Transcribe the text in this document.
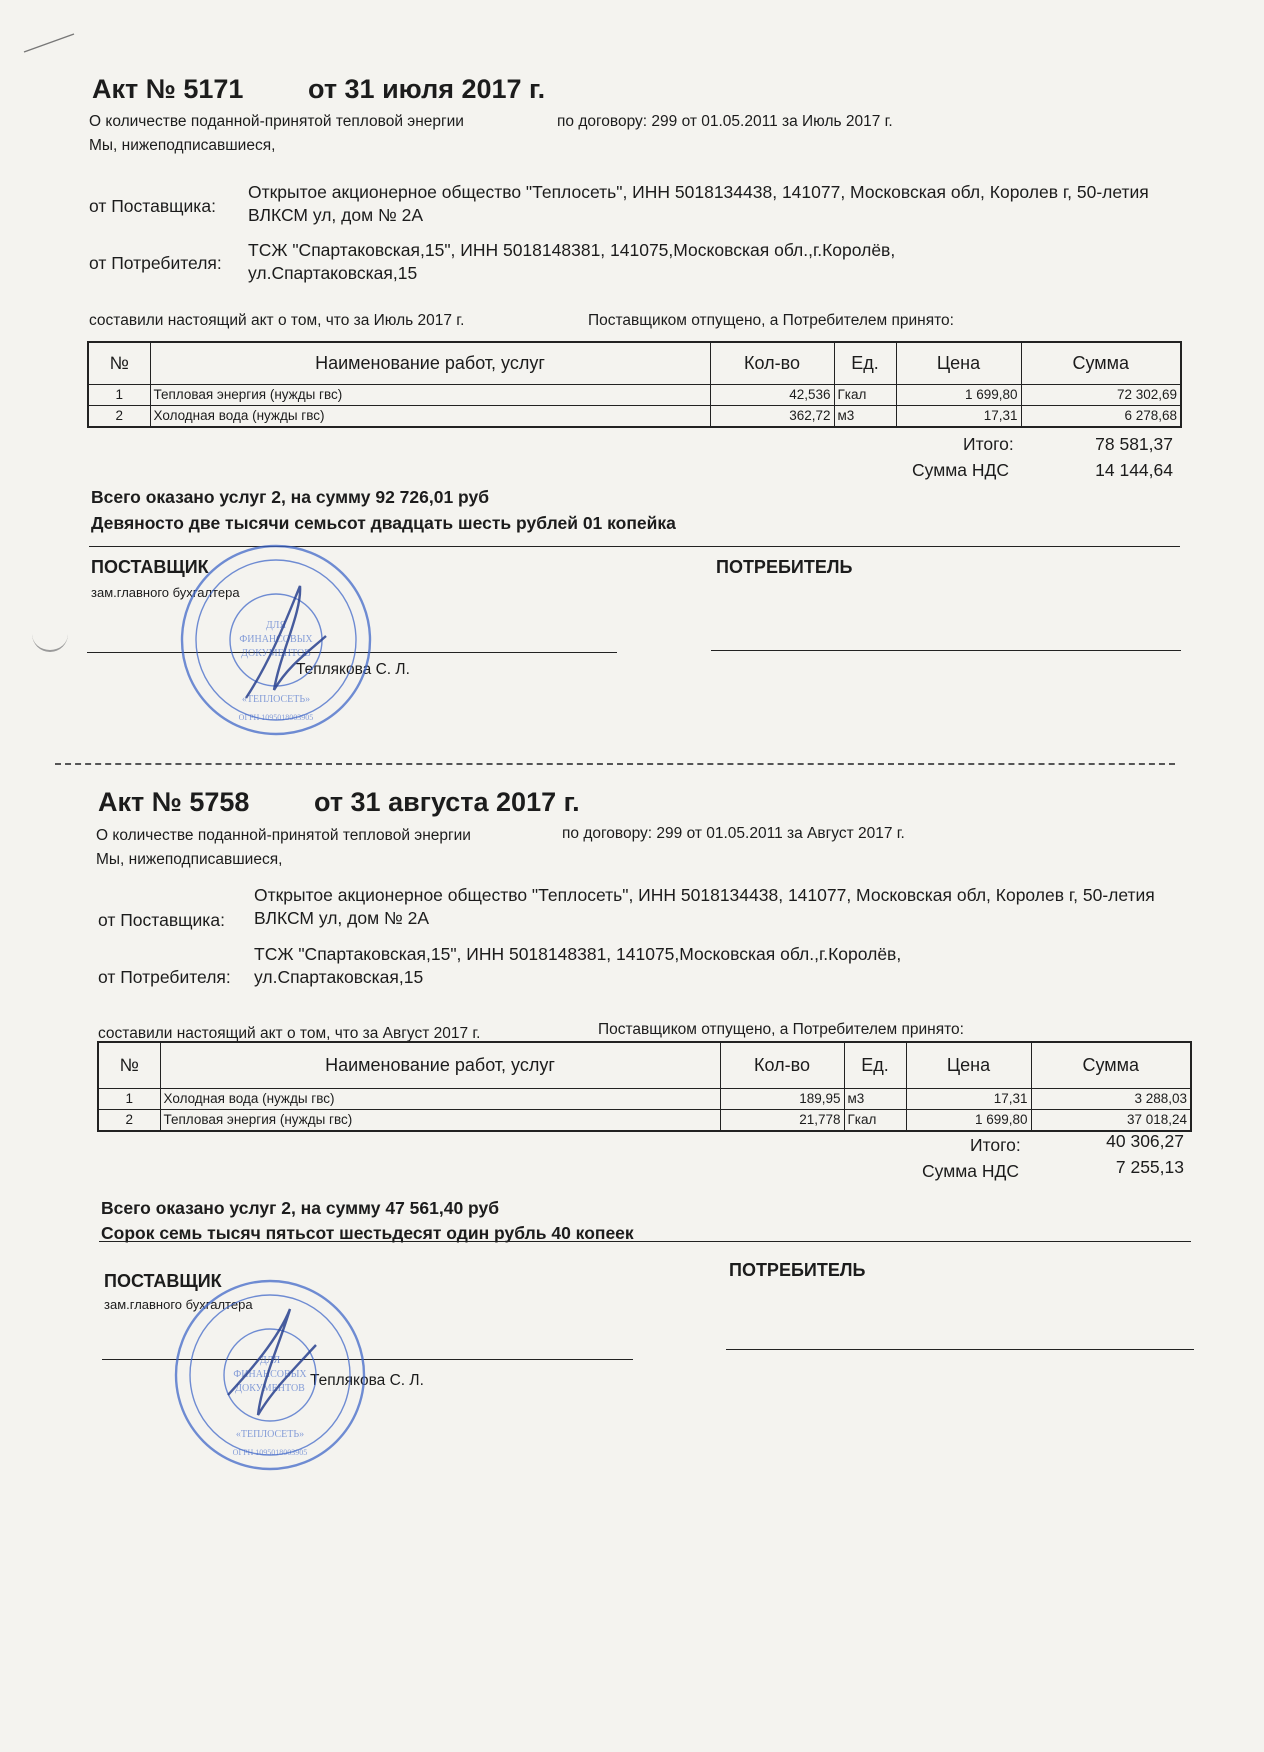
Акт № 5171 от 31 июля 2017 г.
О количестве поданной-принятой тепловой энергии	по договору: 299 от 01.05.2011 за Июль 2017 г.
Мы, нижеподписавшиеся,
от Поставщика:
Открытое акционерное общество "Теплосеть", ИНН 5018134438, 141077, Московская обл, Королев г, 50-летия ВЛКСМ ул, дом № 2А
от Потребителя:
ТСЖ "Спартаковская,15", ИНН 5018148381, 141075,Московская обл.,г.Королёв, ул.Спартаковская,15
составили настоящий акт о том, что за Июль 2017 г.	Поставщиком отпущено, а Потребителем принято:
№	Наименование работ, услуг	Кол-во	Ед.	Цена	Сумма
1	Тепловая энергия (нужды гвс)	42,536	Гкал	1 699,80	72 302,69
2	Холодная вода (нужды гвс)	362,72	м3	17,31	6 278,68
Итого:	78 581,37
Сумма НДС	14 144,64
Всего оказано услуг 2, на сумму 92 726,01 руб
Девяносто две тысячи семьсот двадцать шесть рублей 01 копейка
ПОСТАВЩИК
зам.главного бухгалтера
ПОТРЕБИТЕЛЬ
Теплякова С. Л.
ДЛЯ
ФИНАНСОВЫХ
ДОКУМЕНТОВ
«ТЕПЛОСЕТЬ»
ОГРН 1095018003905
Акт № 5758 от 31 августа 2017 г.
О количестве поданной-принятой тепловой энергии	по договору: 299 от 01.05.2011 за Август 2017 г.
Мы, нижеподписавшиеся,
от Поставщика:
Открытое акционерное общество "Теплосеть", ИНН 5018134438, 141077, Московская обл, Королев г, 50-летия ВЛКСМ ул, дом № 2А
от Потребителя:
ТСЖ "Спартаковская,15", ИНН 5018148381, 141075,Московская обл.,г.Королёв, ул.Спартаковская,15
составили настоящий акт о том, что за Август 2017 г.	Поставщиком отпущено, а Потребителем принято:
№	Наименование работ, услуг	Кол-во	Ед.	Цена	Сумма
1	Холодная вода (нужды гвс)	189,95	м3	17,31	3 288,03
2	Тепловая энергия (нужды гвс)	21,778	Гкал	1 699,80	37 018,24
Итого:	40 306,27
Сумма НДС	7 255,13
Всего оказано услуг 2, на сумму 47 561,40 руб
Сорок семь тысяч пятьсот шестьдесят один рубль 40 копеек
ПОСТАВЩИК
зам.главного бухгалтера
ПОТРЕБИТЕЛЬ
Теплякова С. Л.
ДЛЯ
ФИНАНСОВЫХ
ДОКУМЕНТОВ
«ТЕПЛОСЕТЬ»
ОГРН 1095018003905
